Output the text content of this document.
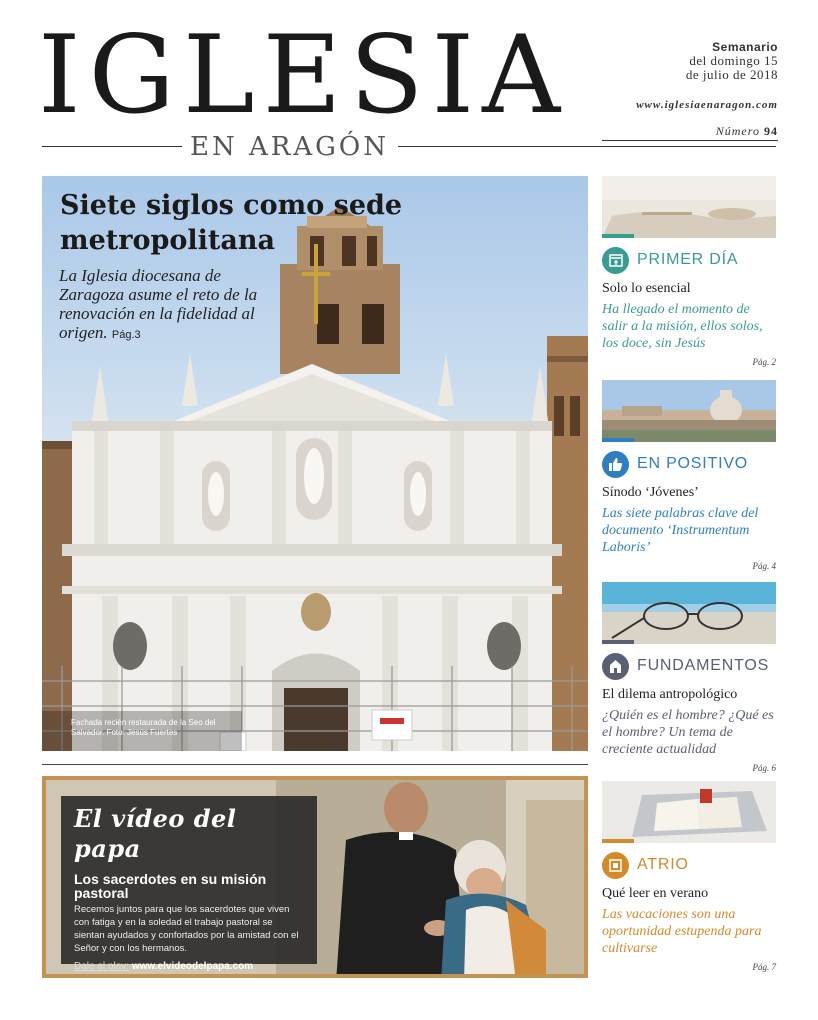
IGLESIA
EN ARAGÓN
Semanario
del domingo 15
de julio de 2018
www.iglesiaenaragon.com
Número 94
Siete siglos como sede metropolitana
La Iglesia diocesana de Zaragoza asume el reto de la renovación en la fidelidad al origen. Pág.3
Fachada recién restaurada de la Seo del Salvador. Foto: Jesús Fuertes
El vídeo del papa
Los sacerdotes en su misión pastoral
Recemos juntos para que los sacerdotes que viven con fatiga y en la soledad el trabajo pastoral se sientan ayudados y confortados por la amistad con el Señor y con los hermanos.
Dale al play: www.elvideodelpapa.com
PRIMER DÍA
Solo lo esencial
Ha llegado el momento de salir a la misión, ellos solos, los doce, sin Jesús
Pág. 2
EN POSITIVO
Sínodo ‘Jóvenes’
Las siete palabras clave del documento ‘Instrumentum Laboris’
Pág. 4
FUNDAMENTOS
El dilema antropológico
¿Quién es el hombre? ¿Qué es el hombre? Un tema de creciente actualidad
Pág. 6
ATRIO
Qué leer en verano
Las vacaciones son una oportunidad estupenda para cultivarse
Pág. 7
